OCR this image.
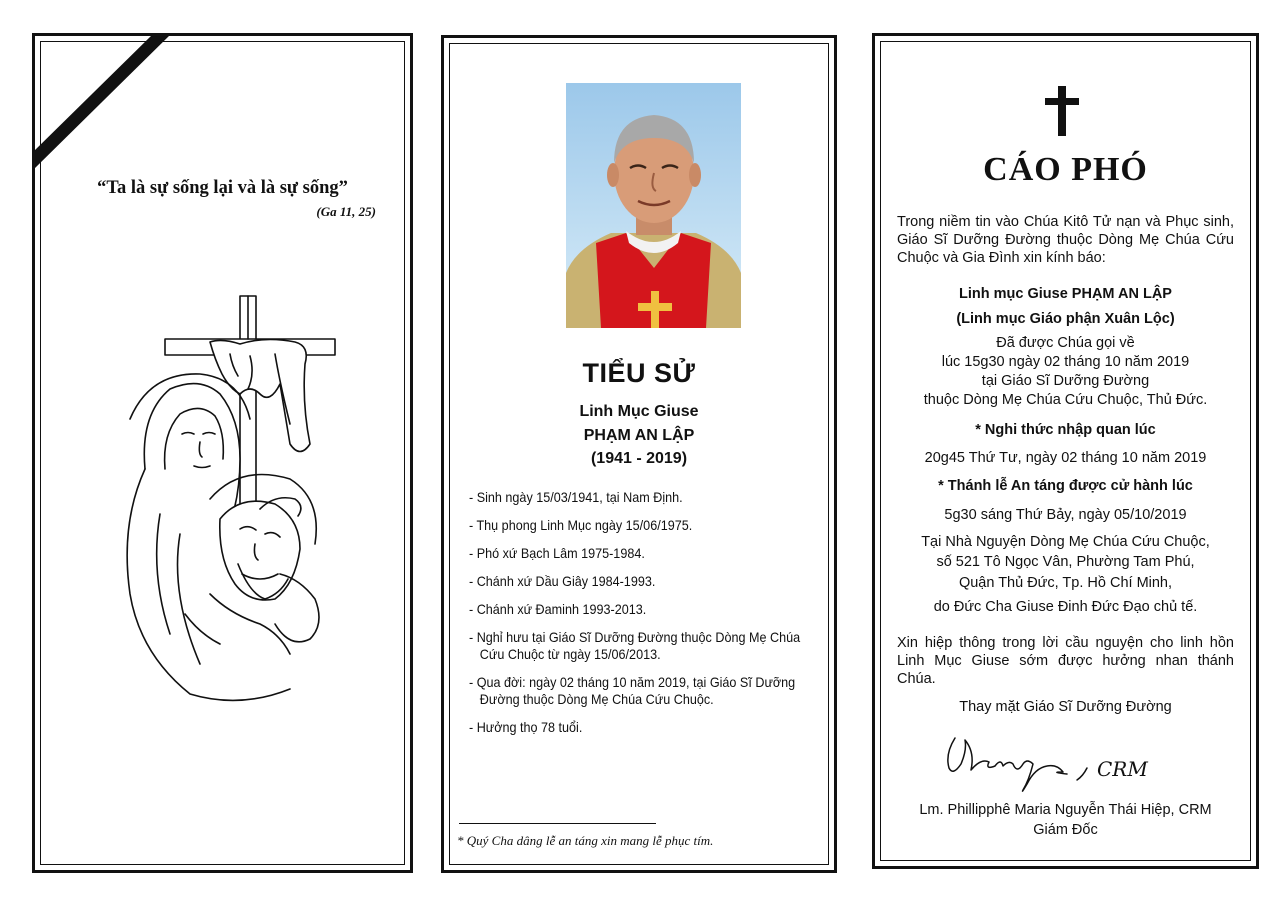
“Ta là sự sống lại và là sự sống”
(Ga 11, 25)
TIỂU SỬ
Linh Mục Giuse
PHẠM AN LẬP
(1941 - 2019)
- Sinh ngày 15/03/1941, tại Nam Định.
- Thụ phong Linh Mục ngày 15/06/1975.
- Phó xứ Bạch Lâm 1975-1984.
- Chánh xứ Dầu Giây 1984-1993.
- Chánh xứ Đaminh 1993-2013.
- Nghỉ hưu tại Giáo Sĩ Dưỡng Đường thuộc Dòng Mẹ Chúa Cứu Chuộc từ ngày 15/06/2013.
- Qua đời: ngày 02 tháng 10 năm 2019, tại Giáo Sĩ Dưỡng Đường thuộc Dòng Mẹ Chúa Cứu Chuộc.
- Hưởng thọ 78 tuổi.
* Quý Cha dâng lễ an táng xin mang lễ phục tím.
CÁO PHÓ
Trong niềm tin vào Chúa Kitô Tử nạn và Phục sinh, Giáo Sĩ Dưỡng Đường thuộc Dòng Mẹ Chúa Cứu Chuộc và Gia Đình xin kính báo:
Linh mục Giuse PHẠM AN LẬP
(Linh mục Giáo phận Xuân Lộc)
Đã được Chúa gọi về
lúc 15g30 ngày 02 tháng 10 năm 2019
tại Giáo Sĩ Dưỡng Đường
thuộc Dòng Mẹ Chúa Cứu Chuộc, Thủ Đức.
* Nghi thức nhập quan lúc
20g45 Thứ Tư, ngày 02 tháng 10 năm 2019
* Thánh lễ An táng được cử hành lúc
5g30 sáng Thứ Bảy, ngày 05/10/2019
Tại Nhà Nguyện Dòng Mẹ Chúa Cứu Chuộc,
số 521 Tô Ngọc Vân, Phường Tam Phú,
Quận Thủ Đức, Tp. Hồ Chí Minh,
do Đức Cha Giuse Đinh Đức Đạo chủ tế.
Xin hiệp thông trong lời cầu nguyện cho linh hồn Linh Mục Giuse sớm được hưởng nhan thánh Chúa.
Thay mặt Giáo Sĩ Dưỡng Đường
CRM
Lm. Phillipphê Maria Nguyễn Thái Hiệp, CRM
Giám Đốc
